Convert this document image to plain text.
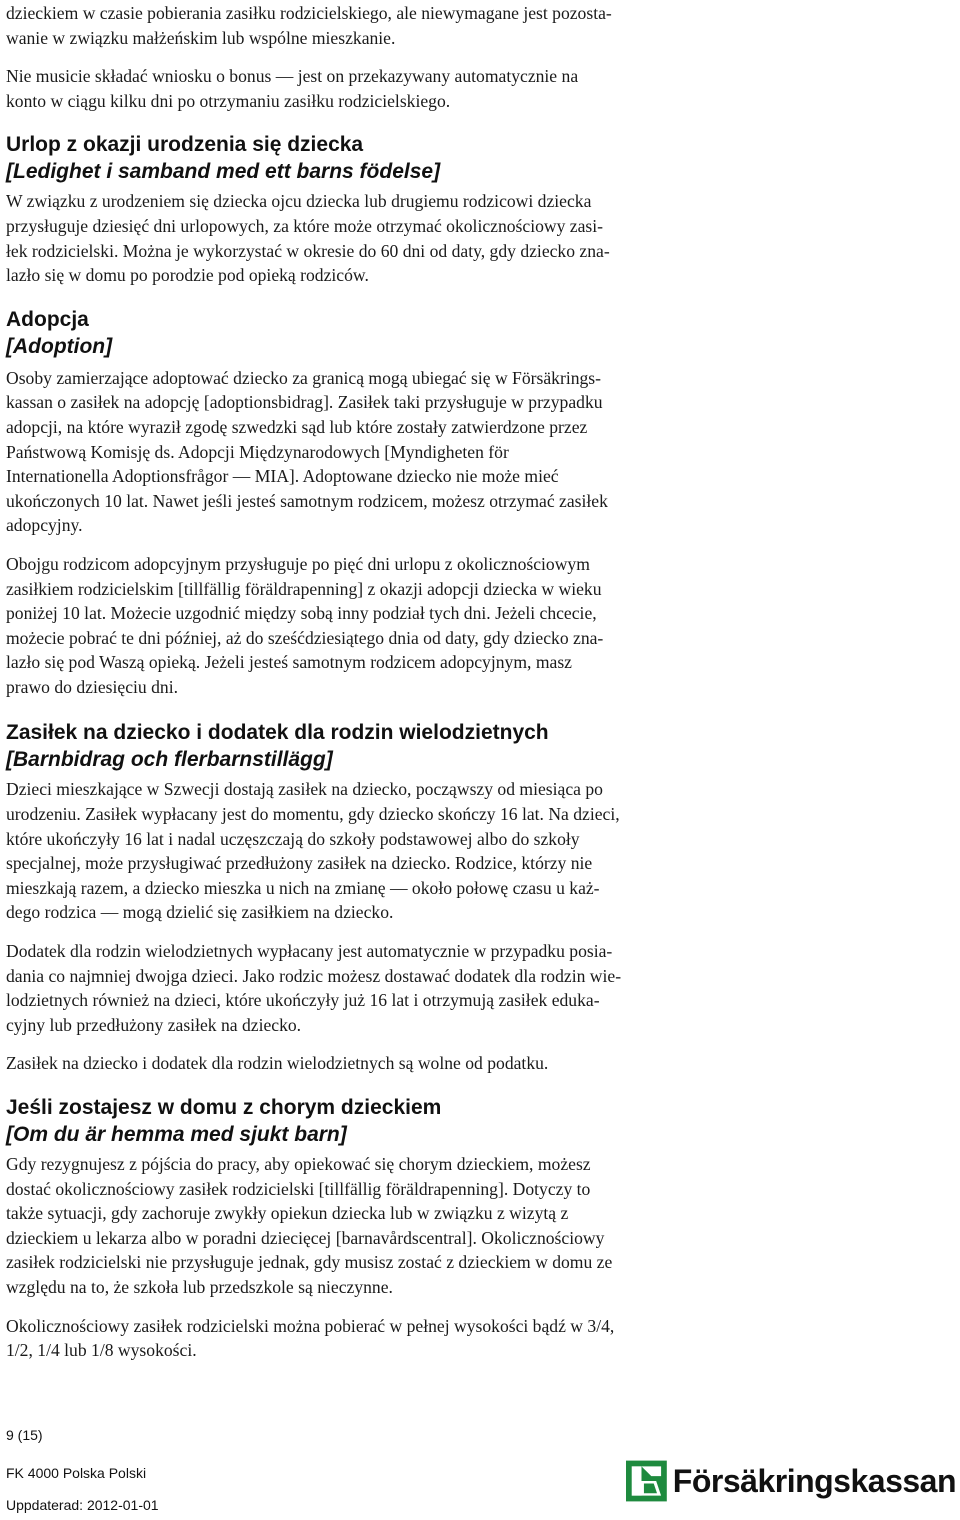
dzieckiem w czasie pobierania zasiłku rodzicielskiego, ale niewymagane jest pozosta-
wanie w związku małżeńskim lub wspólne mieszkanie.

Nie musicie składać wniosku o bonus — jest on przekazywany automatycznie na
konto w ciągu kilku dni po otrzymaniu zasiłku rodzicielskiego.

Urlop z okazji urodzenia się dziecka
[Ledighet i samband med ett barns födelse]

W związku z urodzeniem się dziecka ojcu dziecka lub drugiemu rodzicowi dziecka
przysługuje dziesięć dni urlopowych, za które może otrzymać okolicznościowy zasi-
łek rodzicielski. Można je wykorzystać w okresie do 60 dni od daty, gdy dziecko zna-
lazło się w domu po porodzie pod opieką rodziców.

Adopcja
[Adoption]

Osoby zamierzające adoptować dziecko za granicą mogą ubiegać się w Försäkrings-
kassan o zasiłek na adopcję [adoptionsbidrag]. Zasiłek taki przysługuje w przypadku
adopcji, na które wyraził zgodę szwedzki sąd lub które zostały zatwierdzone przez
Państwową Komisję ds. Adopcji Międzynarodowych [Myndigheten för
Internationella Adoptionsfrågor — MIA]. Adoptowane dziecko nie może mieć
ukończonych 10 lat. Nawet jeśli jesteś samotnym rodzicem, możesz otrzymać zasiłek
adopcyjny.

Obojgu rodzicom adopcyjnym przysługuje po pięć dni urlopu z okolicznościowym
zasiłkiem rodzicielskim [tillfällig föräldrapenning] z okazji adopcji dziecka w wieku
poniżej 10 lat. Możecie uzgodnić między sobą inny podział tych dni. Jeżeli chcecie,
możecie pobrać te dni później, aż do sześćdziesiątego dnia od daty, gdy dziecko zna-
lazło się pod Waszą opieką. Jeżeli jesteś samotnym rodzicem adopcyjnym, masz
prawo do dziesięciu dni.

Zasiłek na dziecko i dodatek dla rodzin wielodzietnych
[Barnbidrag och flerbarnstillägg]

Dzieci mieszkające w Szwecji dostają zasiłek na dziecko, począwszy od miesiąca po
urodzeniu. Zasiłek wypłacany jest do momentu, gdy dziecko skończy 16 lat. Na dzieci,
które ukończyły 16 lat i nadal uczęszczają do szkoły podstawowej albo do szkoły
specjalnej, może przysługiwać przedłużony zasiłek na dziecko. Rodzice, którzy nie
mieszkają razem, a dziecko mieszka u nich na zmianę — około połowę czasu u każ-
dego rodzica — mogą dzielić się zasiłkiem na dziecko.

Dodatek dla rodzin wielodzietnych wypłacany jest automatycznie w przypadku posia-
dania co najmniej dwojga dzieci. Jako rodzic możesz dostawać dodatek dla rodzin wie-
lodzietnych również na dzieci, które ukończyły już 16 lat i otrzymują zasiłek eduka-
cyjny lub przedłużony zasiłek na dziecko.

Zasiłek na dziecko i dodatek dla rodzin wielodzietnych są wolne od podatku.

Jeśli zostajesz w domu z chorym dzieckiem
[Om du är hemma med sjukt barn]

Gdy rezygnujesz z pójścia do pracy, aby opiekować się chorym dzieckiem, możesz
dostać okolicznościowy zasiłek rodzicielski [tillfällig föräldrapenning]. Dotyczy to
także sytuacji, gdy zachoruje zwykły opiekun dziecka lub w związku z wizytą z
dzieckiem u lekarza albo w poradni dziecięcej [barnavårdscentral]. Okolicznościowy
zasiłek rodzicielski nie przysługuje jednak, gdy musisz zostać z dzieckiem w domu ze
względu na to, że szkoła lub przedszkole są nieczynne.

Okolicznościowy zasiłek rodzicielski można pobierać w pełnej wysokości bądź w 3/4,
1/2, 1/4 lub 1/8 wysokości.

9 (15)
FK 4000 Polska Polski
Uppdaterad: 2012-01-01
Försäkringskassan
